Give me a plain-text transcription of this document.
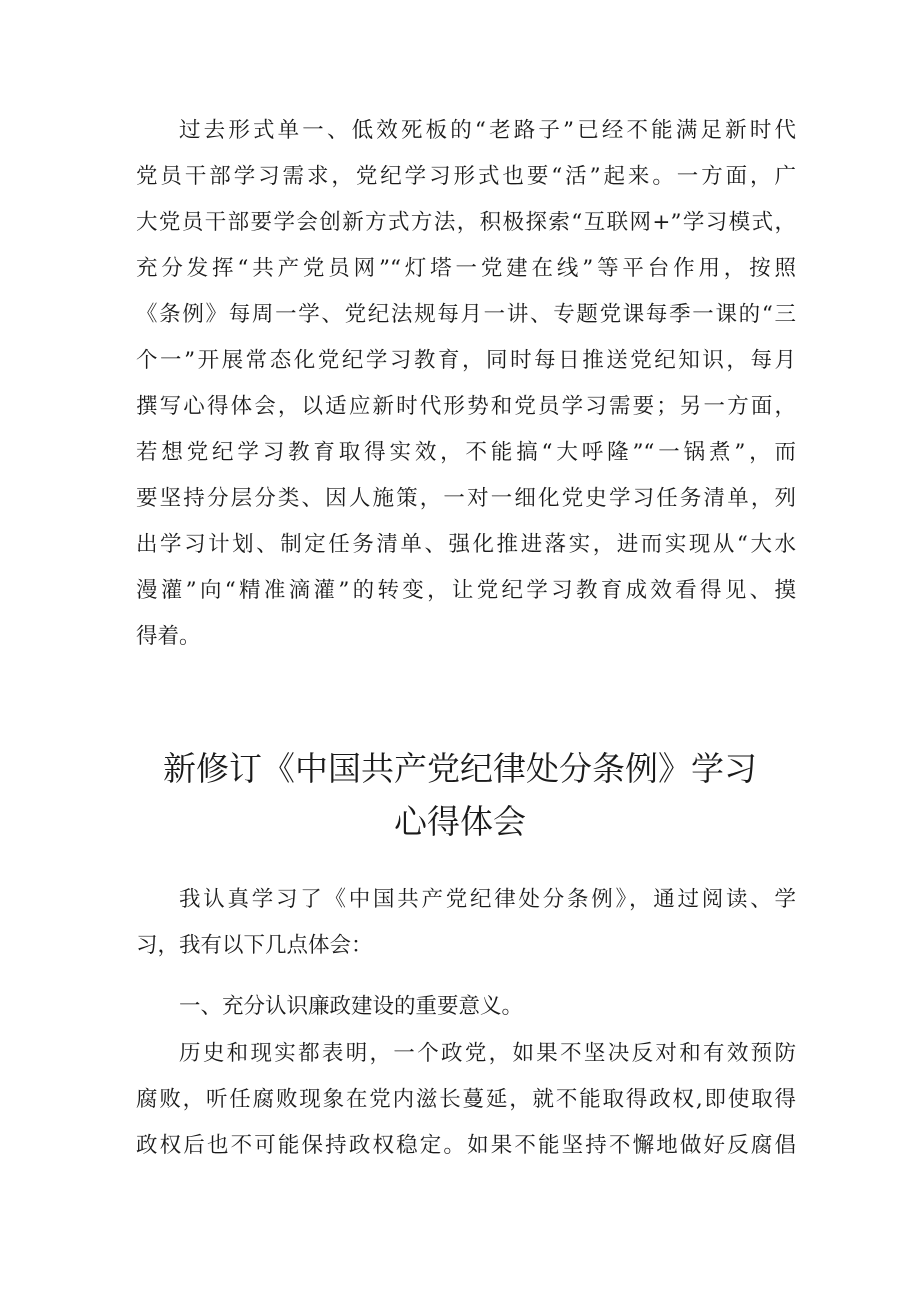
过去形式单一、低效死板的“老路子”已经不能满足新时代
党员干部学习需求，党纪学习形式也要“活”起来。一方面，广
大党员干部要学会创新方式方法，积极探索“互联网+”学习模式，
充分发挥“共产党员网”“灯塔一党建在线”等平台作用，按照
《条例》每周一学、党纪法规每月一讲、专题党课每季一课的“三
个一”开展常态化党纪学习教育，同时每日推送党纪知识，每月
撰写心得体会，以适应新时代形势和党员学习需要；另一方面，
若想党纪学习教育取得实效，不能搞“大呼隆”“一锅煮”，而
要坚持分层分类、因人施策，一对一细化党史学习任务清单，列
出学习计划、制定任务清单、强化推进落实，进而实现从“大水
漫灌”向“精准滴灌”的转变，让党纪学习教育成效看得见、摸
得着。
新修订《中国共产党纪律处分条例》学习
心得体会
我认真学习了《中国共产党纪律处分条例》，通过阅读、学
习，我有以下几点体会：
一、充分认识廉政建设的重要意义。
历史和现实都表明，一个政党，如果不坚决反对和有效预防
腐败，听任腐败现象在党内滋长蔓延，就不能取得政权,即使取得
政权后也不可能保持政权稳定。如果不能坚持不懈地做好反腐倡
